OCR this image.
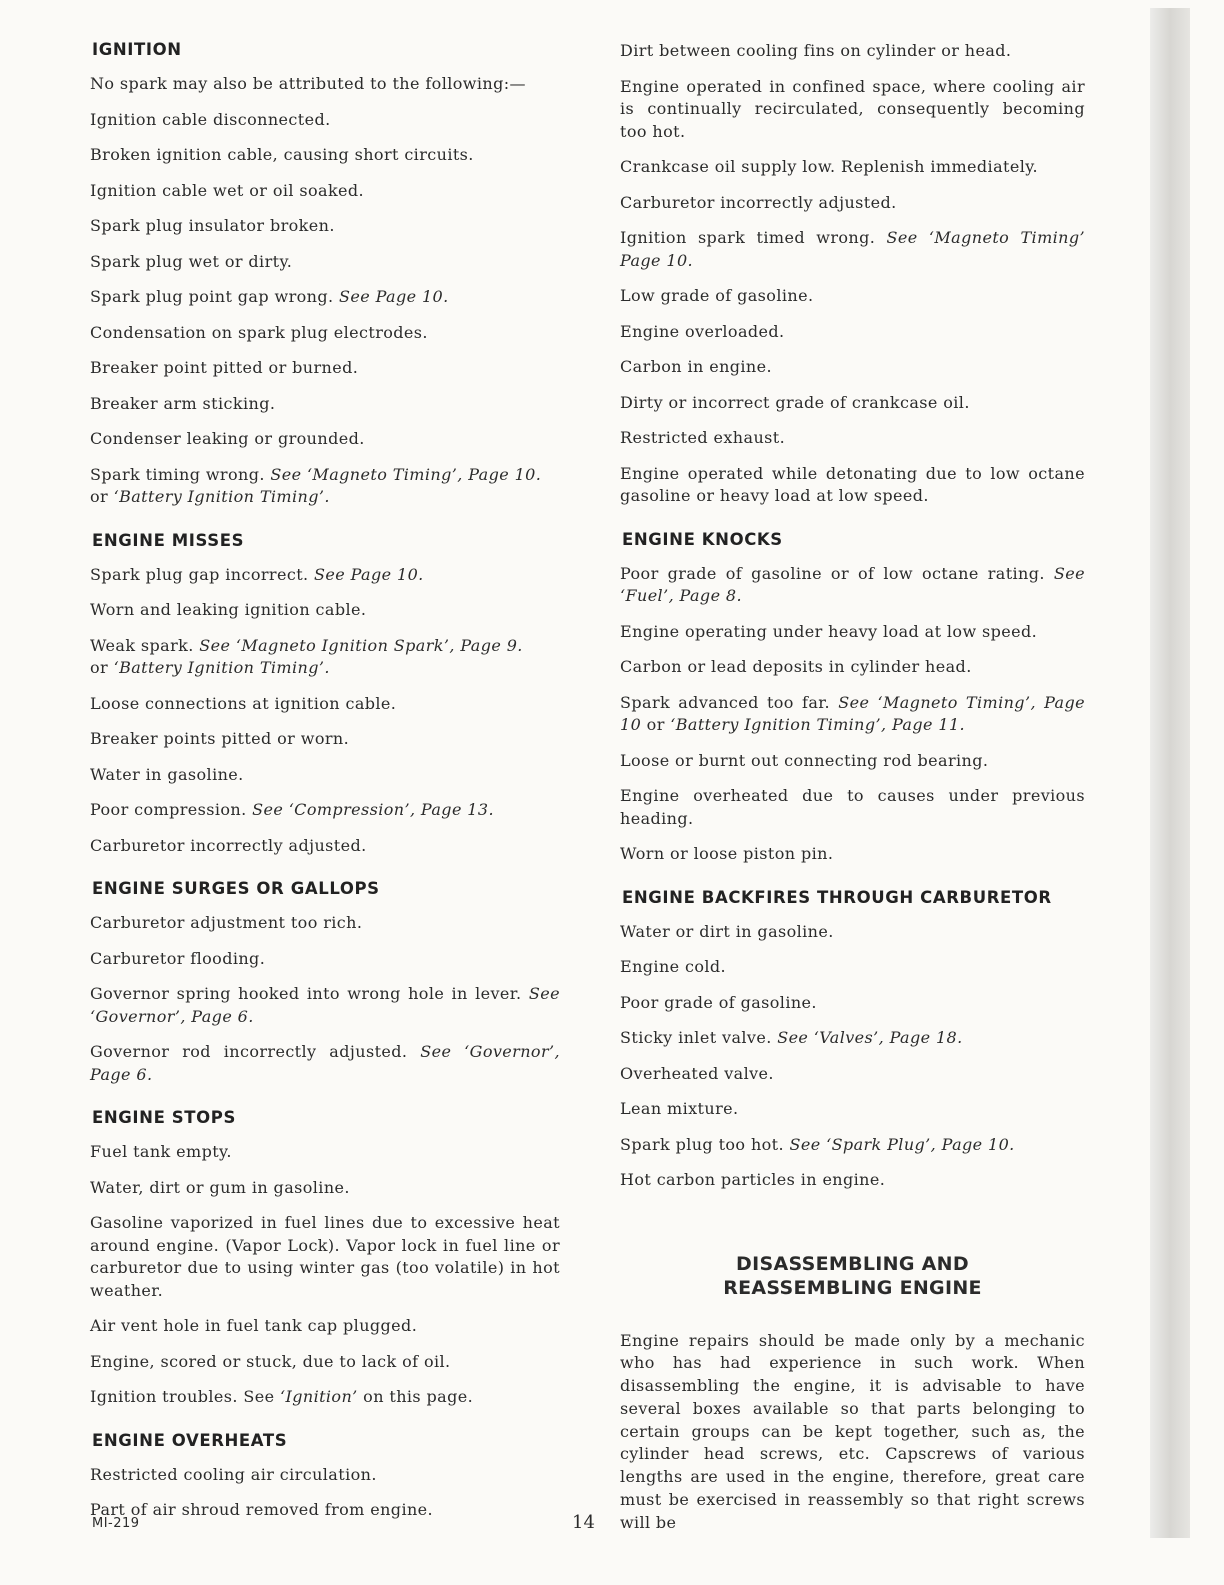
IGNITION

No spark may also be attributed to the following:—

Ignition cable disconnected.

Broken ignition cable, causing short circuits.

Ignition cable wet or oil soaked.

Spark plug insulator broken.

Spark plug wet or dirty.

Spark plug point gap wrong. See Page 10.

Condensation on spark plug electrodes.

Breaker point pitted or burned.

Breaker arm sticking.

Condenser leaking or grounded.

Spark timing wrong. See ‘Magneto Timing’, Page 10.
or ‘Battery Ignition Timing’.

ENGINE MISSES

Spark plug gap incorrect. See Page 10.

Worn and leaking ignition cable.

Weak spark. See ‘Magneto Ignition Spark’, Page 9.
or ‘Battery Ignition Timing’.

Loose connections at ignition cable.

Breaker points pitted or worn.

Water in gasoline.

Poor compression. See ‘Compression’, Page 13.

Carburetor incorrectly adjusted.

ENGINE SURGES OR GALLOPS

Carburetor adjustment too rich.

Carburetor flooding.

Governor spring hooked into wrong hole in lever. See ‘Governor’, Page 6.

Governor rod incorrectly adjusted. See ‘Governor’, Page 6.

ENGINE STOPS

Fuel tank empty.

Water, dirt or gum in gasoline.

Gasoline vaporized in fuel lines due to excessive heat around engine. (Vapor Lock). Vapor lock in fuel line or carburetor due to using winter gas (too volatile) in hot weather.

Air vent hole in fuel tank cap plugged.

Engine, scored or stuck, due to lack of oil.

Ignition troubles. See ‘Ignition’ on this page.

ENGINE OVERHEATS

Restricted cooling air circulation.

Part of air shroud removed from engine.

Dirt between cooling fins on cylinder or head.

Engine operated in confined space, where cooling air is continually recirculated, consequently becoming too hot.

Crankcase oil supply low. Replenish immediately.

Carburetor incorrectly adjusted.

Ignition spark timed wrong. See ‘Magneto Timing’ Page 10.

Low grade of gasoline.

Engine overloaded.

Carbon in engine.

Dirty or incorrect grade of crankcase oil.

Restricted exhaust.

Engine operated while detonating due to low octane gasoline or heavy load at low speed.

ENGINE KNOCKS

Poor grade of gasoline or of low octane rating. See ‘Fuel’, Page 8.

Engine operating under heavy load at low speed.

Carbon or lead deposits in cylinder head.

Spark advanced too far. See ‘Magneto Timing’, Page 10 or ‘Battery Ignition Timing’, Page 11.

Loose or burnt out connecting rod bearing.

Engine overheated due to causes under previous heading.

Worn or loose piston pin.

ENGINE BACKFIRES THROUGH CARBURETOR

Water or dirt in gasoline.

Engine cold.

Poor grade of gasoline.

Sticky inlet valve. See ‘Valves’, Page 18.

Overheated valve.

Lean mixture.

Spark plug too hot. See ‘Spark Plug’, Page 10.

Hot carbon particles in engine.

DISASSEMBLING AND
REASSEMBLING ENGINE
Engine repairs should be made only by a mechanic who has had experience in such work. When disassembling the engine, it is advisable to have several boxes available so that parts belonging to certain groups can be kept together, such as, the cylinder head screws, etc. Capscrews of various lengths are used in the engine, therefore, great care must be exercised in reassembly so that right screws will be
MI-219	14
